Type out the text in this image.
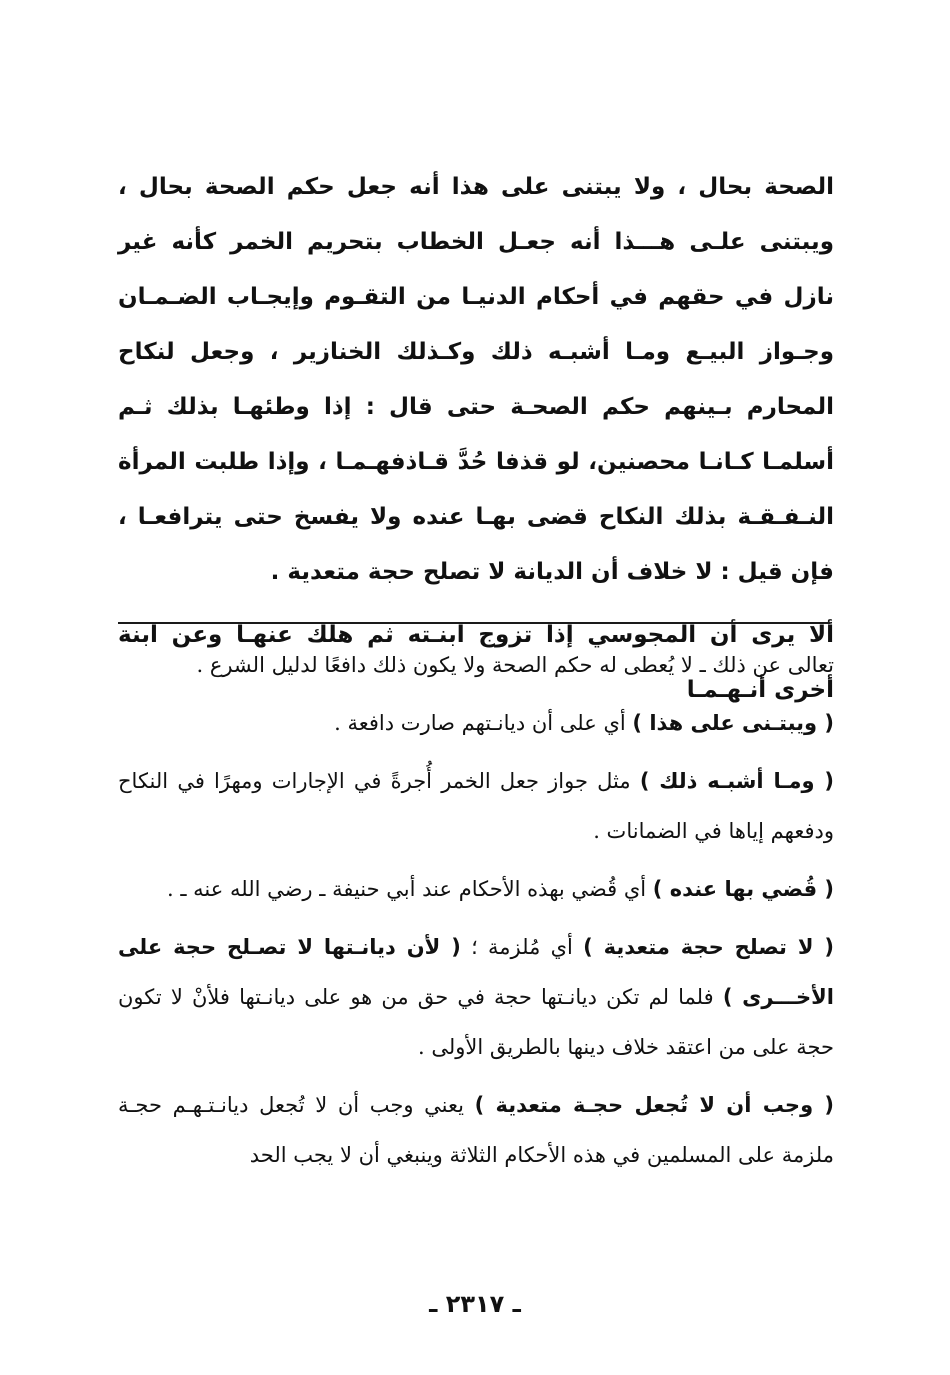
الصحة بحال ، ولا يبتنى على هذا أنه جعل حكم الصحة بحال ، ويبتنى علـى هـــذا أنه جعـل الخطاب بتحريم الخمر كأنه غير نازل في حقهم في أحكام الدنيـا من التقـوم وإيجـاب الضـمـان وجـواز البيـع ومـا أشبـه ذلك وكـذلك الخنازير ، وجعل لنكاح المحارم بـينهم حكم الصحـة حتى قال : إذا وطئهـا بذلك ثـم أسلمـا كـانـا محصنين، لو قذفا حُدَّ قـاذفهـمـا ، وإذا طلبت المرأة النـفـقـة بذلك النكاح قضى بهـا عنده ولا يفسخ حتى يترافعـا ، فإن قيل : لا خلاف أن الديانة لا تصلح حجة متعدية .

ألا يرى أن المجوسي إذا تزوج ابنـته ثم هلك عنهـا وعن ابنة أخرى أنـهـمـا

تعالى عن ذلك ـ لا يُعطى له حكم الصحة ولا يكون ذلك دافعًا لدليل الشرع .

( ويبتـنى على هذا ) أي على أن ديانـتهم صارت دافعة .

( ومـا أشبـه ذلك ) مثل جواز جعل الخمر أُجرةً في الإجارات ومهرًا في النكاح ودفعهم إياها في الضمانات .

( قُضي بها عنده ) أي قُضي بهذه الأحكام عند أبي حنيفة ـ رضي الله عنه ـ .

( لا تصلح حجة متعدية ) أي مُلزمة ؛ ( لأن ديانـتها لا تصـلح حجة على الأخـــرى ) فلما لم تكن ديانـتها حجة في حق من هو على ديانـتها فلأنْ لا تكون حجة على من اعتقد خلاف دينها بالطريق الأولى .

( وجب أن لا تُجعل حجـة متعدية ) يعني وجب أن لا تُجعل ديانـتـهـم حجـة ملزمة على المسلمين في هذه الأحكام الثلاثة وينبغي أن لا يجب الحد

ـ ٢٣١٧ ـ
